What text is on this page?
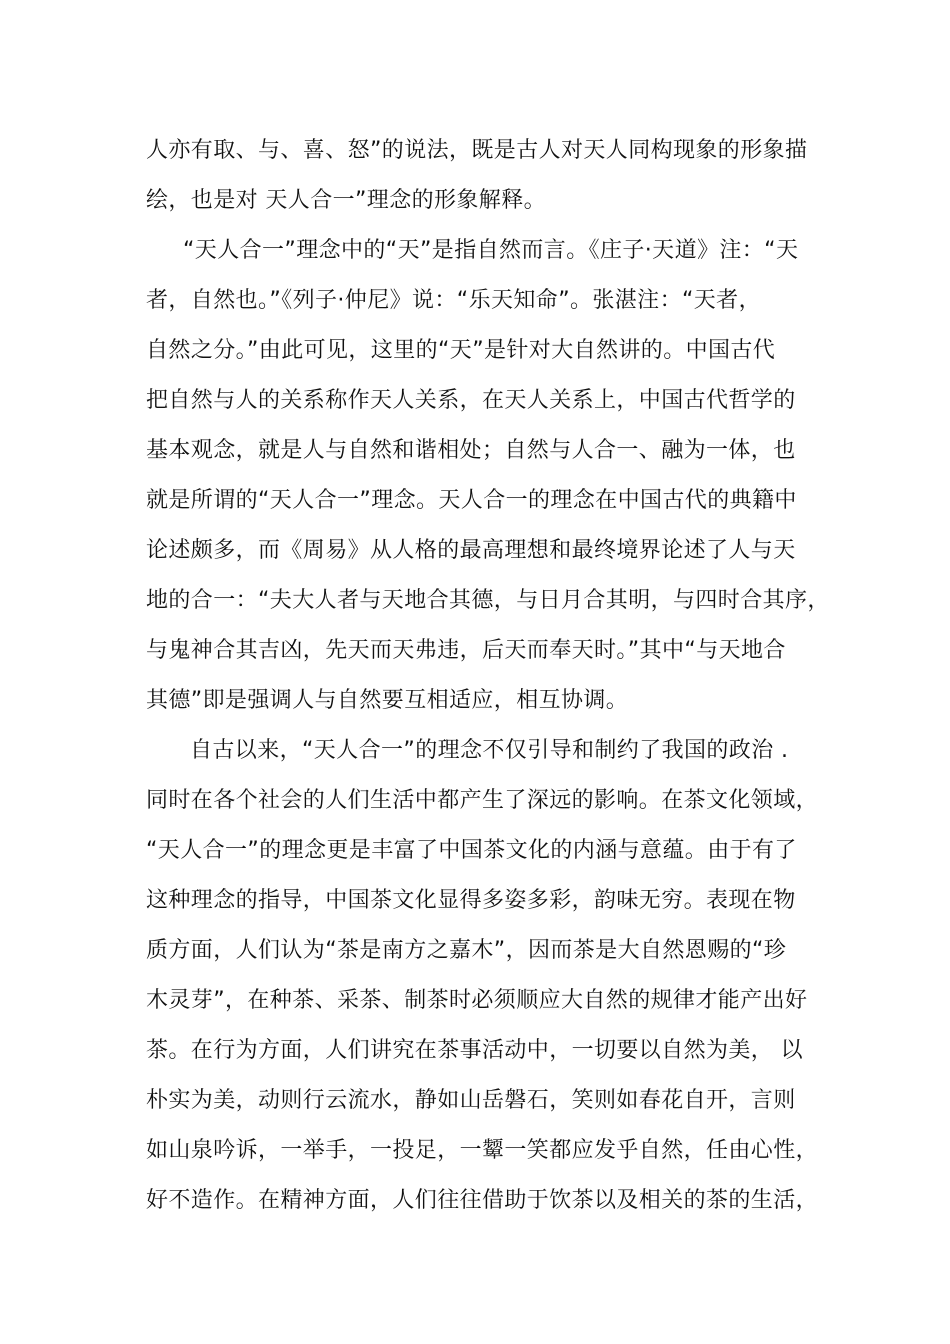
人亦有取、与、喜、怒”的说法，既是古人对天人同构现象的形象描
绘，也是对 天人合一”理念的形象解释。
“天人合一”理念中的“天”是指自然而言。《庄子·天道》注：“天
者，自然也。”《列子·仲尼》说：“乐天知命”。张湛注：“天者，
自然之分。”由此可见，这里的“天”是针对大自然讲的。中国古代
把自然与人的关系称作天人关系，在天人关系上，中国古代哲学的
基本观念，就是人与自然和谐相处；自然与人合一、融为一体，也
就是所谓的“天人合一”理念。天人合一的理念在中国古代的典籍中
论述颇多，而《周易》从人格的最高理想和最终境界论述了人与天
地的合一：“夫大人者与天地合其德，与日月合其明，与四时合其序，
与鬼神合其吉凶，先天而天弗违，后天而奉天时。”其中“与天地合
其德”即是强调人与自然要互相适应，相互协调。
自古以来，“天人合一”的理念不仅引导和制约了我国的政治 .
同时在各个社会的人们生活中都产生了深远的影响。在茶文化领域，
“天人合一”的理念更是丰富了中国茶文化的内涵与意蕴。由于有了
这种理念的指导，中国茶文化显得多姿多彩，韵味无穷。表现在物
质方面，人们认为“茶是南方之嘉木”，因而茶是大自然恩赐的“珍
木灵芽”，在种茶、采茶、制茶时必须顺应大自然的规律才能产出好
茶。在行为方面，人们讲究在茶事活动中，一切要以自然为美， 以
朴实为美，动则行云流水，静如山岳磐石，笑则如春花自开，言则
如山泉吟诉，一举手，一投足，一颦一笑都应发乎自然，任由心性，
好不造作。在精神方面，人们往往借助于饮茶以及相关的茶的生活，
